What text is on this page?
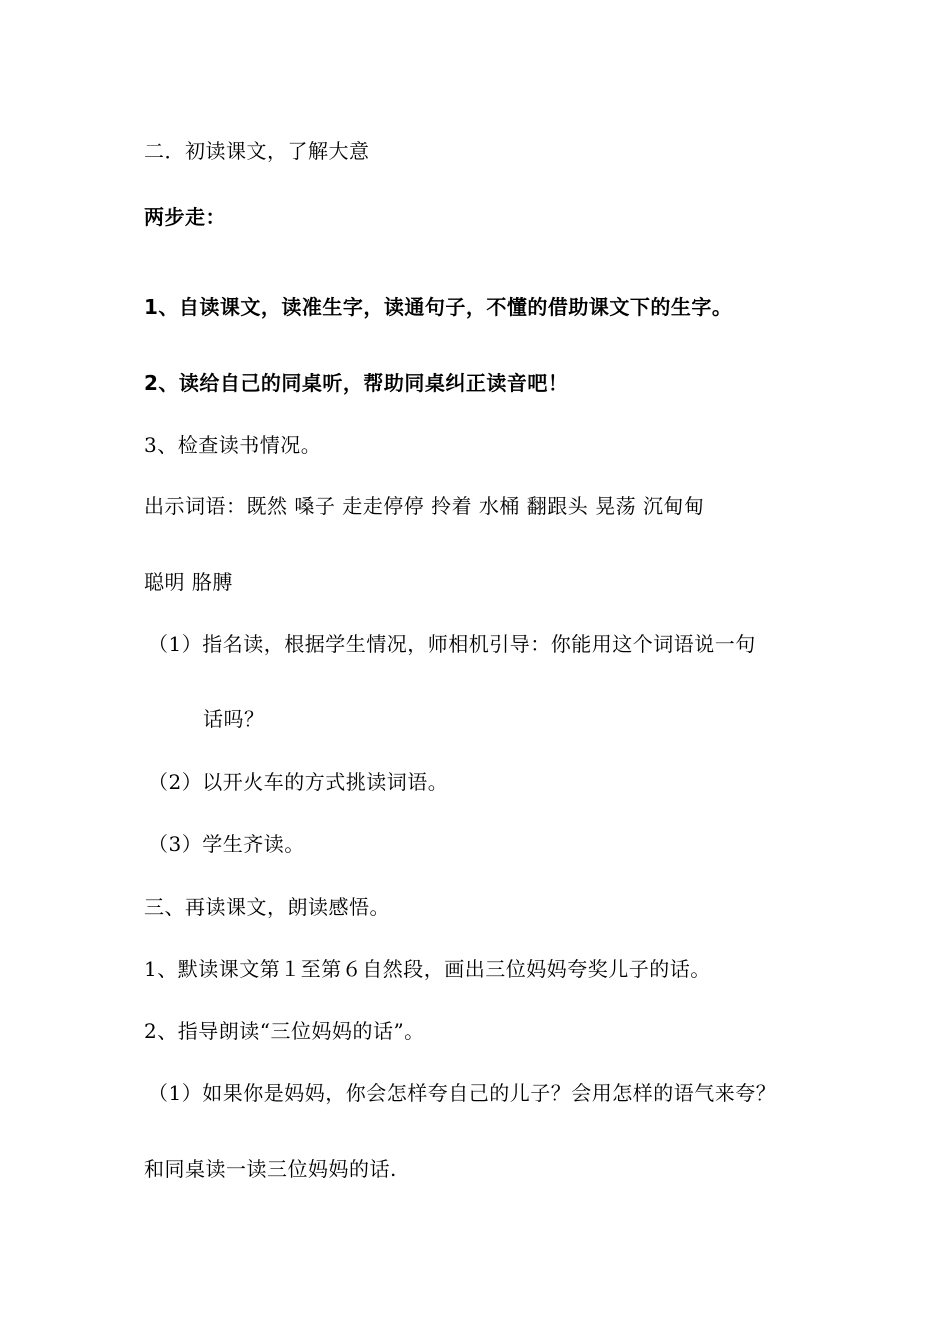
二．初读课文，了解大意
两步走：
1、自读课文，读准生字，读通句子，不懂的借助课文下的生字。
2、读给自己的同桌听，帮助同桌纠正读音吧！
3、检查读书情况。
出示词语：既然 嗓子 走走停停 拎着 水桶 翻跟头 晃荡 沉甸甸
聪明 胳膊
（1）指名读，根据学生情况，师相机引导：你能用这个词语说一句
话吗？
（2）以开火车的方式挑读词语。
（3）学生齐读。
三、再读课文，朗读感悟。
1、默读课文第１至第６自然段，画出三位妈妈夸奖儿子的话。
2、指导朗读“三位妈妈的话”。
（1）如果你是妈妈，你会怎样夸自己的儿子？会用怎样的语气来夸？
和同桌读一读三位妈妈的话.
